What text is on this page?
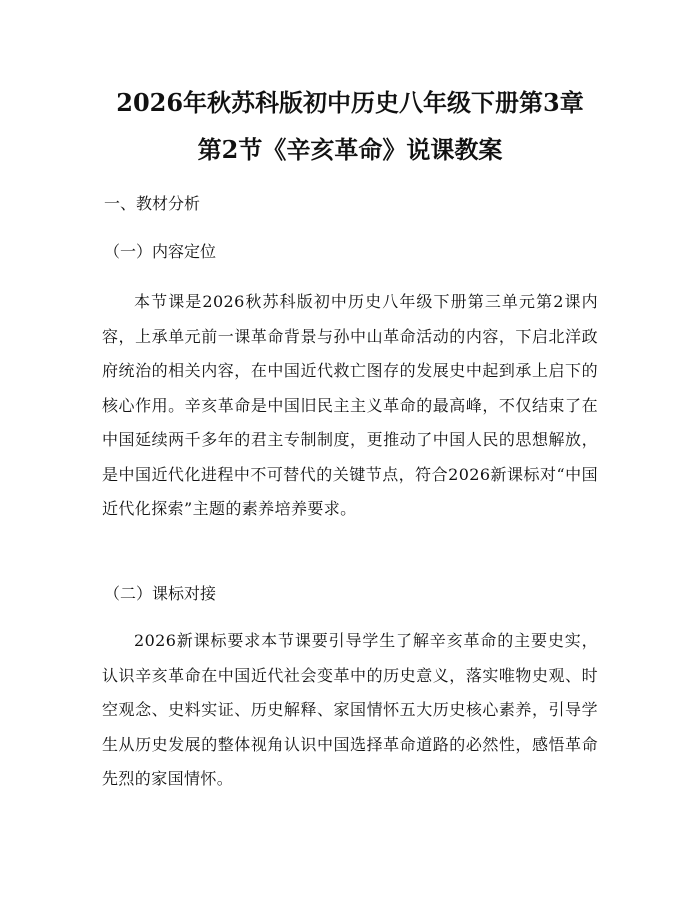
2026年秋苏科版初中历史八年级下册第3章
第2节《辛亥革命》说课教案

一、教材分析

（一）内容定位

本节课是2026秋苏科版初中历史八年级下册第三单元第2课内容，上承单元前一课革命背景与孙中山革命活动的内容，下启北洋政府统治的相关内容，在中国近代救亡图存的发展史中起到承上启下的核心作用。辛亥革命是中国旧民主主义革命的最高峰，不仅结束了在中国延续两千多年的君主专制制度，更推动了中国人民的思想解放，是中国近代化进程中不可替代的关键节点，符合2026新课标对“中国近代化探索”主题的素养培养要求。

（二）课标对接

2026新课标要求本节课要引导学生了解辛亥革命的主要史实，认识辛亥革命在中国近代社会变革中的历史意义，落实唯物史观、时空观念、史料实证、历史解释、家国情怀五大历史核心素养，引导学生从历史发展的整体视角认识中国选择革命道路的必然性，感悟革命先烈的家国情怀。
